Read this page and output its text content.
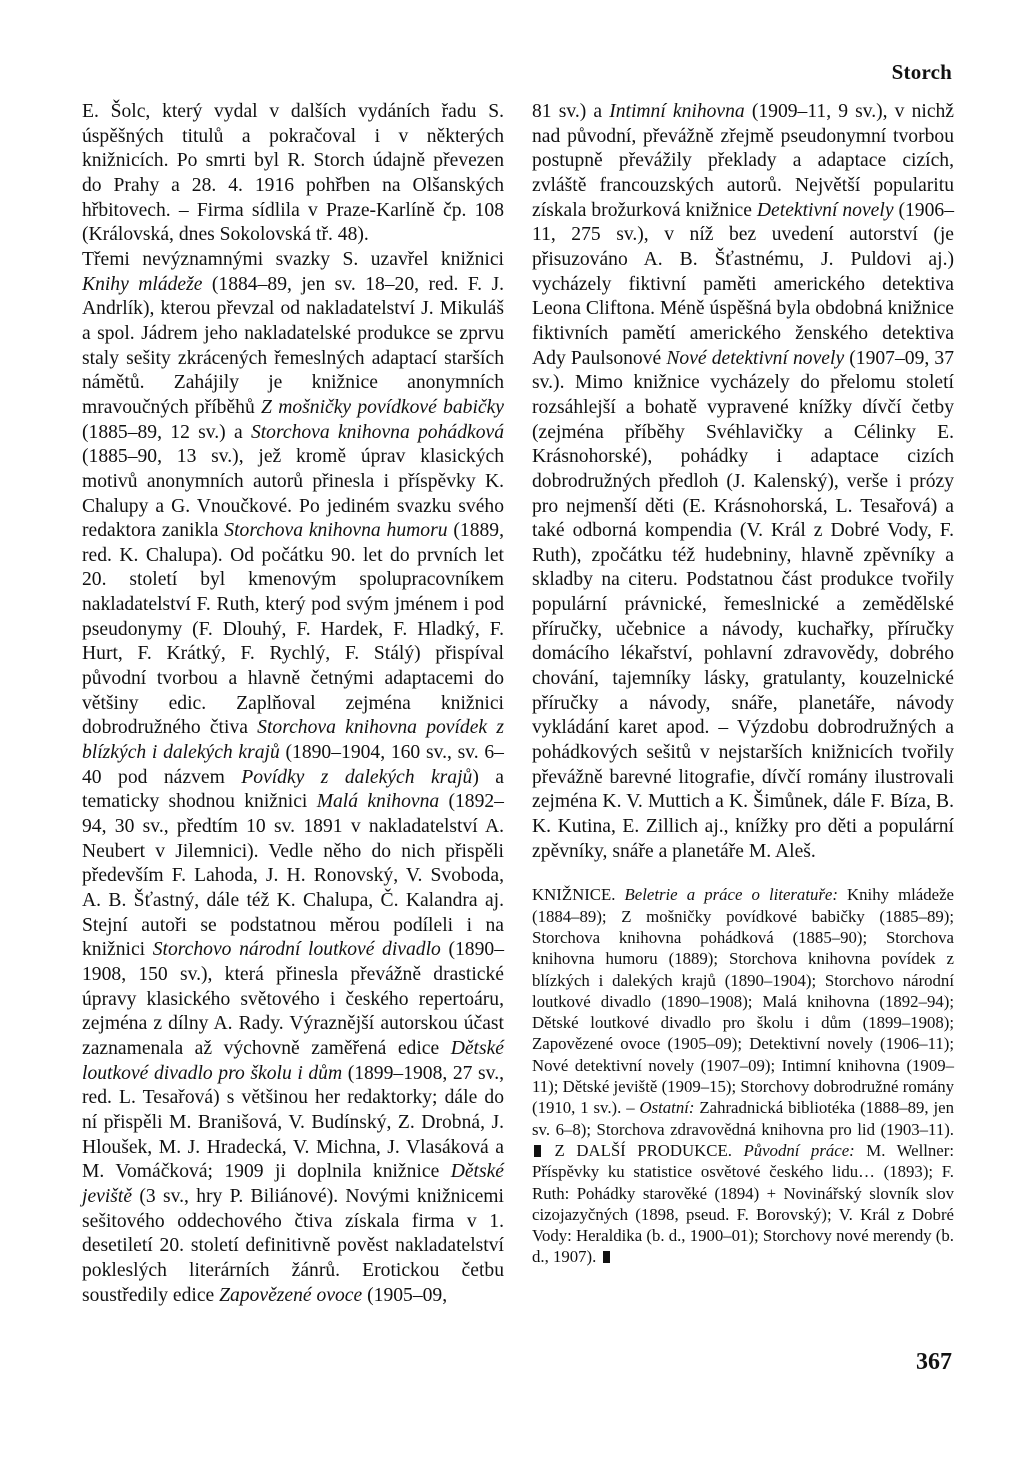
Storch

E. Šolc, který vydal v dalších vydáních řadu S. úspěšných titulů a pokračoval i v některých knižnicích. Po smrti byl R. Storch údajně převezen do Prahy a 28. 4. 1916 pohřben na Olšanských hřbitovech. – Firma sídlila v Praze-Karlíně čp. 108 (Královská, dnes Sokolovská tř. 48).

Třemi nevýznamnými svazky S. uzavřel knižnici Knihy mládeže (1884–89, jen sv. 18–20, red. F. J. Andrlík), kterou převzal od nakladatelství J. Mikuláš a spol. Jádrem jeho nakladatelské produkce se zprvu staly sešity zkrácených řemeslných adaptací starších námětů. Zahájily je knižnice anonymních mravoučných příběhů Z mošničky povídkové babičky (1885–89, 12 sv.) a Storchova knihovna pohádková (1885–90, 13 sv.), jež kromě úprav klasických motivů anonymních autorů přinesla i příspěvky K. Chalupy a G. Vnoučkové. Po jediném svazku svého redaktora zanikla Storchova knihovna humoru (1889, red. K. Chalupa). Od počátku 90. let do prvních let 20. století byl kmenovým spolupracovníkem nakladatelství F. Ruth, který pod svým jménem i pod pseudonymy (F. Dlouhý, F. Hardek, F. Hladký, F. Hurt, F. Krátký, F. Rychlý, F. Stálý) přispíval původní tvorbou a hlavně četnými adaptacemi do většiny edic. Zaplňoval zejména knižnici dobrodružného čtiva Storchova knihovna povídek z blízkých i dalekých krajů (1890–1904, 160 sv., sv. 6–40 pod názvem Povídky z dalekých krajů) a tematicky shodnou knižnici Malá knihovna (1892–94, 30 sv., předtím 10 sv. 1891 v nakladatelství A. Neubert v Jilemnici). Vedle něho do nich přispěli především F. Lahoda, J. H. Ronovský, V. Svoboda, A. B. Šťastný, dále též K. Chalupa, Č. Kalandra aj. Stejní autoři se podstatnou měrou podíleli i na knižnici Storchovo národní loutkové divadlo (1890–1908, 150 sv.), která přinesla převážně drastické úpravy klasického světového i českého repertoáru, zejména z dílny A. Rady. Výraznější autorskou účast zaznamenala až výchovně zaměřená edice Dětské loutkové divadlo pro školu i dům (1899–1908, 27 sv., red. L. Tesařová) s většinou her redaktorky; dále do ní přispěli M. Branišová, V. Budínský, Z. Drobná, J. Hloušek, M. J. Hradecká, V. Michna, J. Vlasáková a M. Vomáčková; 1909 ji doplnila knižnice Dětské jeviště (3 sv., hry P. Biliánové). Novými knižnicemi sešitového oddechového čtiva získala firma v 1. desetiletí 20. století definitivně pověst nakladatelství pokleslých literárních žánrů. Erotickou četbu soustředily edice Zapovězené ovoce (1905–09,

81 sv.) a Intimní knihovna (1909–11, 9 sv.), v nichž nad původní, převážně zřejmě pseudonymní tvorbou postupně převážily překlady a adaptace cizích, zvláště francouzských autorů. Největší popularitu získala brožurková knižnice Detektivní novely (1906–11, 275 sv.), v níž bez uvedení autorství (je přisuzováno A. B. Šťastnému, J. Puldovi aj.) vycházely fiktivní paměti amerického detektiva Leona Cliftona. Méně úspěšná byla obdobná knižnice fiktivních pamětí amerického ženského detektiva Ady Paulsonové Nové detektivní novely (1907–09, 37 sv.). Mimo knižnice vycházely do přelomu století rozsáhlejší a bohatě vypravené knížky dívčí četby (zejména příběhy Svéhlavičky a Célinky E. Krásnohorské), pohádky i adaptace cizích dobrodružných předloh (J. Kalenský), verše i prózy pro nejmenší děti (E. Krásnohorská, L. Tesařová) a také odborná kompendia (V. Král z Dobré Vody, F. Ruth), zpočátku též hudebniny, hlavně zpěvníky a skladby na citeru. Podstatnou část produkce tvořily populární právnické, řemeslnické a zemědělské příručky, učebnice a návody, kuchařky, příručky domácího lékařství, pohlavní zdravovědy, dobrého chování, tajemníky lásky, gratulanty, kouzelnické příručky a návody, snáře, planetáře, návody vykládání karet apod. – Výzdobu dobrodružných a pohádkových sešitů v nejstarších knižnicích tvořily převážně barevné litografie, dívčí romány ilustrovali zejména K. V. Muttich a K. Šimůnek, dále F. Bíza, B. K. Kutina, E. Zillich aj., knížky pro děti a populární zpěvníky, snáře a planetáře M. Aleš.

KNIŽNICE. Beletrie a práce o literatuře: Knihy mládeže (1884–89); Z mošničky povídkové babičky (1885–89); Storchova knihovna pohádková (1885–90); Storchova knihovna humoru (1889); Storchova knihovna povídek z blízkých i dalekých krajů (1890–1904); Storchovo národní loutkové divadlo (1890–1908); Malá knihovna (1892–94); Dětské loutkové divadlo pro školu i dům (1899–1908); Zapovězené ovoce (1905–09); Detektivní novely (1906–11); Nové detektivní novely (1907–09); Intimní knihovna (1909–11); Dětské jeviště (1909–15); Storchovy dobrodružné romány (1910, 1 sv.). – Ostatní: Zahradnická bibliotéka (1888–89, jen sv. 6–8); Storchova zdravovědná knihovna pro lid (1903–11).  Z DALŠÍ PRODUKCE. Původní práce: M. Wellner: Příspěvky ku statistice osvětové českého lidu… (1893); F. Ruth: Pohádky starověké (1894) + Novinářský slovník slov cizojazyčných (1898, pseud. F. Borovský); V. Král z Dobré Vody: Heraldika (b. d., 1900–01); Storchovy nové merendy (b. d., 1907).

367
